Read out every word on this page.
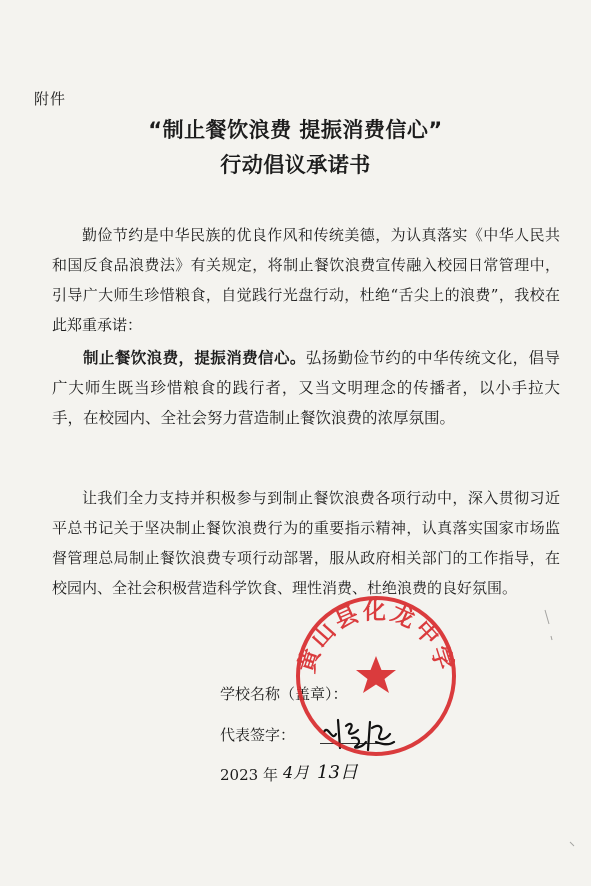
附件
“制止餐饮浪费 提振消费信心”
行动倡议承诺书

勤俭节约是中华民族的优良作风和传统美德，为认真落实《中华人民共和国反食品浪费法》有关规定，将制止餐饮浪费宣传融入校园日常管理中，引导广大师生珍惜粮食，自觉践行光盘行动，杜绝“舌尖上的浪费”，我校在此郑重承诺：

制止餐饮浪费，提振消费信心。弘扬勤俭节约的中华传统文化，倡导广大师生既当珍惜粮食的践行者，又当文明理念的传播者，以小手拉大手，在校园内、全社会努力营造制止餐饮浪费的浓厚氛围。

让我们全力支持并积极参与到制止餐饮浪费各项行动中，深入贯彻习近平总书记关于坚决制止餐饮浪费行为的重要指示精神，认真落实国家市场监督管理总局制止餐饮浪费专项行动部署，服从政府相关部门的工作指导，在校园内、全社会积极营造科学饮食、理性消费、杜绝浪费的良好氛围。

学校名称（盖章）：
代表签字：
2023 年 4月 13日
黄山县化龙中学
